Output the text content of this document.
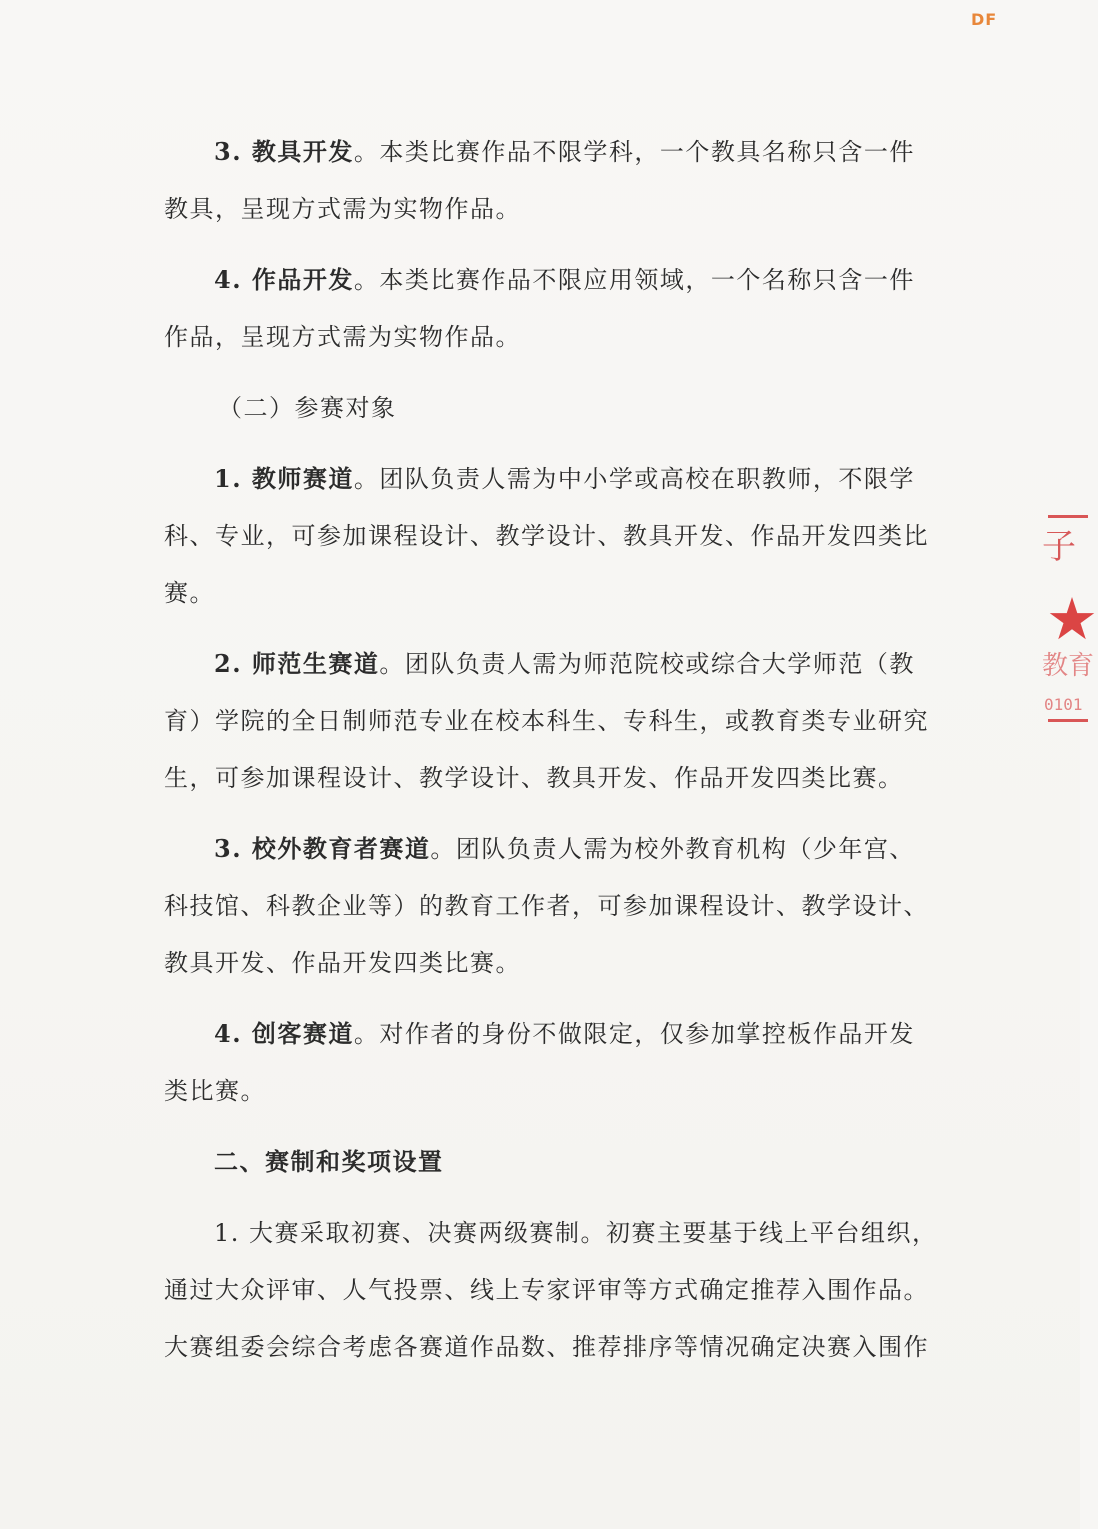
DF

3. 教具开发。本类比赛作品不限学科，一个教具名称只含一件

教具，呈现方式需为实物作品。

4. 作品开发。本类比赛作品不限应用领域，一个名称只含一件

作品，呈现方式需为实物作品。

（二）参赛对象

1. 教师赛道。团队负责人需为中小学或高校在职教师，不限学

科、专业，可参加课程设计、教学设计、教具开发、作品开发四类比

赛。

2. 师范生赛道。团队负责人需为师范院校或综合大学师范（教

育）学院的全日制师范专业在校本科生、专科生，或教育类专业研究

生，可参加课程设计、教学设计、教具开发、作品开发四类比赛。

3. 校外教育者赛道。团队负责人需为校外教育机构（少年宫、

科技馆、科教企业等）的教育工作者，可参加课程设计、教学设计、

教具开发、作品开发四类比赛。

4. 创客赛道。对作者的身份不做限定，仅参加掌控板作品开发

类比赛。

二、赛制和奖项设置

1. 大赛采取初赛、决赛两级赛制。初赛主要基于线上平台组织，

通过大众评审、人气投票、线上专家评审等方式确定推荐入围作品。

大赛组委会综合考虑各赛道作品数、推荐排序等情况确定决赛入围作

子
★
教育
0101
